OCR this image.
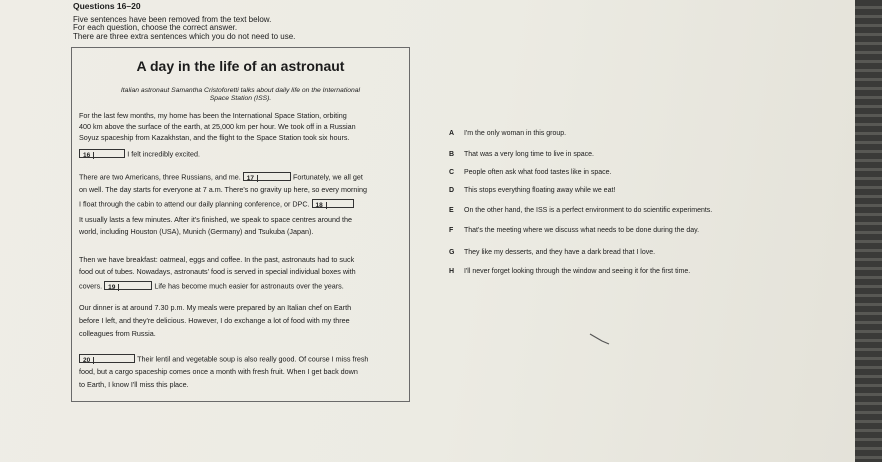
Questions 16–20
Five sentences have been removed from the text below.
For each question, choose the correct answer.
There are three extra sentences which you do not need to use.
A day in the life of an astronaut
Italian astronaut Samantha Cristoforetti talks about daily life on the International
Space Station (ISS).
For the last few months, my home has been the International Space Station, orbiting
400 km above the surface of the earth, at 25,000 km per hour. We took off in a Russian
Soyuz spaceship from Kazakhstan, and the flight to the Space Station took six hours.
16	I felt incredibly excited.
There are two Americans, three Russians, and me. 17	Fortunately, we all get
on well. The day starts for everyone at 7 a.m. There's no gravity up here, so every morning
I float through the cabin to attend our daily planning conference, or DPC. 18
It usually lasts a few minutes. After it's finished, we speak to space centres around the
world, including Houston (USA), Munich (Germany) and Tsukuba (Japan).
Then we have breakfast: oatmeal, eggs and coffee. In the past, astronauts had to suck
food out of tubes. Nowadays, astronauts' food is served in special individual boxes with
covers. 19	Life has become much easier for astronauts over the years.
Our dinner is at around 7.30 p.m. My meals were prepared by an Italian chef on Earth
before I left, and they're delicious. However, I do exchange a lot of food with my three
colleagues from Russia.
20	Their lentil and vegetable soup is also really good. Of course I miss fresh
food, but a cargo spaceship comes once a month with fresh fruit. When I get back down
to Earth, I know I'll miss this place.
A I'm the only woman in this group.
B That was a very long time to live in space.
C People often ask what food tastes like in space.
D This stops everything floating away while we eat!
E On the other hand, the ISS is a perfect environment to do scientific experiments.
F That's the meeting where we discuss what needs to be done during the day.
G They like my desserts, and they have a dark bread that I love.
H I'll never forget looking through the window and seeing it for the first time.
